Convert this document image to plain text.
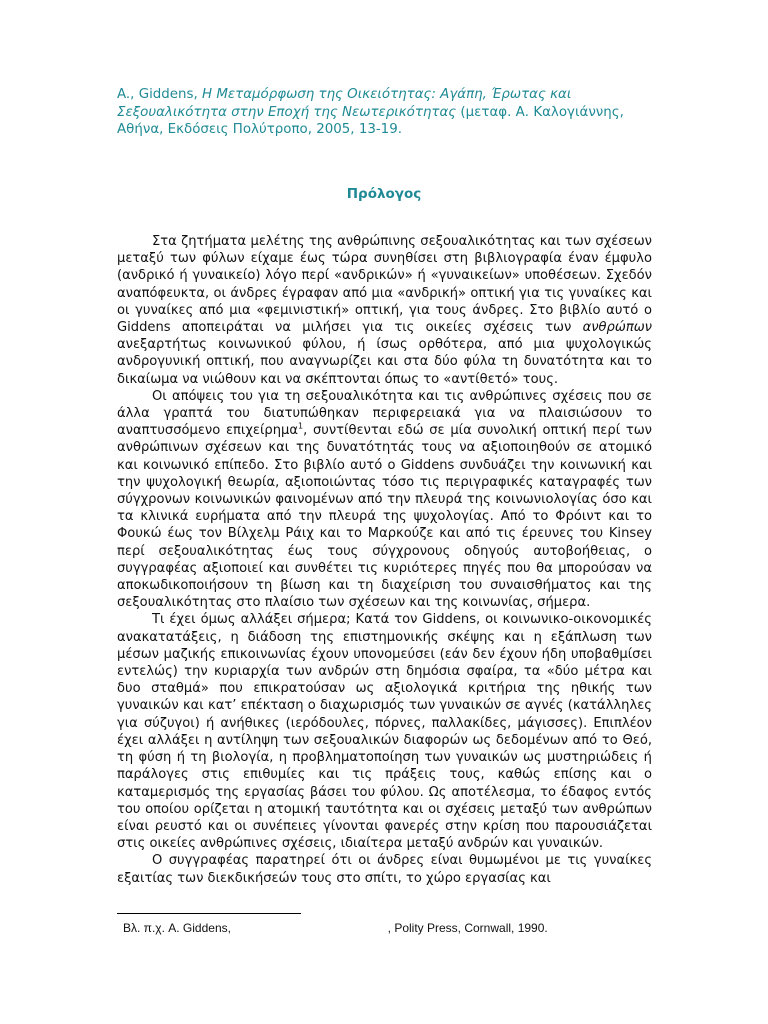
A., Giddens, Η Μεταμόρφωση της Οικειότητας: Αγάπη, Έρωτας και Σεξουαλικότητα στην Εποχή της Νεωτερικότητας (μεταφ. Α. Καλογιάννης, Αθήνα, Εκδόσεις Πολύτροπο, 2005, 13-19.

Πρόλογος

Στα ζητήματα μελέτης της ανθρώπινης σεξουαλικότητας και των σχέσεων μεταξύ των φύλων είχαμε έως τώρα συνηθίσει στη βιβλιογραφία έναν έμφυλο (ανδρικό ή γυναικείο) λόγο περί «ανδρικών» ή «γυναικείων» υποθέσεων. Σχεδόν αναπόφευκτα, οι άνδρες έγραφαν από μια «ανδρική» οπτική για τις γυναίκες και οι γυναίκες από μια «φεμινιστική» οπτική, για τους άνδρες. Στο βιβλίο αυτό ο Giddens αποπειράται να μιλήσει για τις οικείες σχέσεις των ανθρώπων ανεξαρτήτως κοινωνικού φύλου, ή ίσως ορθότερα, από μια ψυχολογικώς ανδρογυνική οπτική, που αναγνωρίζει και στα δύο φύλα τη δυνατότητα και το δικαίωμα να νιώθουν και να σκέπτονται όπως το «αντίθετό» τους.

Οι απόψεις του για τη σεξουαλικότητα και τις ανθρώπινες σχέσεις που σε άλλα γραπτά του διατυπώθηκαν περιφερειακά για να πλαισιώσουν το αναπτυσσόμενο επιχείρημα$^1$, συντίθενται εδώ σε μία συνολική οπτική περί των ανθρώπινων σχέσεων και της δυνατότητάς τους να αξιοποιηθούν σε ατομικό και κοινωνικό επίπεδο. Στο βιβλίο αυτό ο Giddens συνδυάζει την κοινωνική και την ψυχολογική θεωρία, αξιοποιώντας τόσο τις περιγραφικές καταγραφές των σύγχρονων κοινωνικών φαινομένων από την πλευρά της κοινωνιολογίας όσο και τα κλινικά ευρήματα από την πλευρά της ψυχολογίας. Από το Φρόιντ και το Φουκώ έως τον Βίλχελμ Ράιχ και το Μαρκούζε και από τις έρευνες του Kinsey περί σεξουαλικότητας έως τους σύγχρονους οδηγούς αυτοβοήθειας, ο συγγραφέας αξιοποιεί και συνθέτει τις κυριότερες πηγές που θα μπορούσαν να αποκωδικοποιήσουν τη βίωση και τη διαχείριση του συναισθήματος και της σεξουαλικότητας στο πλαίσιο των σχέσεων και της κοινωνίας, σήμερα.

Τι έχει όμως αλλάξει σήμερα; Κατά τον Giddens, οι κοινωνικο-οικονομικές ανακατατάξεις, η διάδοση της επιστημονικής σκέψης και η εξάπλωση των μέσων μαζικής επικοινωνίας έχουν υπονομεύσει (εάν δεν έχουν ήδη υποβαθμίσει εντελώς) την κυριαρχία των ανδρών στη δημόσια σφαίρα, τα «δύο μέτρα και δυο σταθμά» που επικρατούσαν ως αξιολογικά κριτήρια της ηθικής των γυναικών και κατ’ επέκταση ο διαχωρισμός των γυναικών σε αγνές (κατάλληλες για σύζυγοι) ή ανήθικες (ιερόδουλες, πόρνες, παλλακίδες, μάγισσες). Επιπλέον έχει αλλάξει η αντίληψη των σεξουαλικών διαφορών ως δεδομένων από το Θεό, τη φύση ή τη βιολογία, η προβληματοποίηση των γυναικών ως μυστηριώδεις ή παράλογες στις επιθυμίες και τις πράξεις τους, καθώς επίσης και ο καταμερισμός της εργασίας βάσει του φύλου. Ως αποτέλεσμα, το έδαφος εντός του οποίου ορίζεται η ατομική ταυτότητα και οι σχέσεις μεταξύ των ανθρώπων είναι ρευστό και οι συνέπειες γίνονται φανερές στην κρίση που παρουσιάζεται στις οικείες ανθρώπινες σχέσεις, ιδιαίτερα μεταξύ ανδρών και γυναικών.

Ο συγγραφέας παρατηρεί ότι οι άνδρες είναι θυμωμένοι με τις γυναίκες εξαιτίας των διεκδικήσεών τους στο σπίτι, το χώρο εργασίας και

Βλ. π.χ. A. Giddens,	, Polity Press, Cornwall, 1990.
